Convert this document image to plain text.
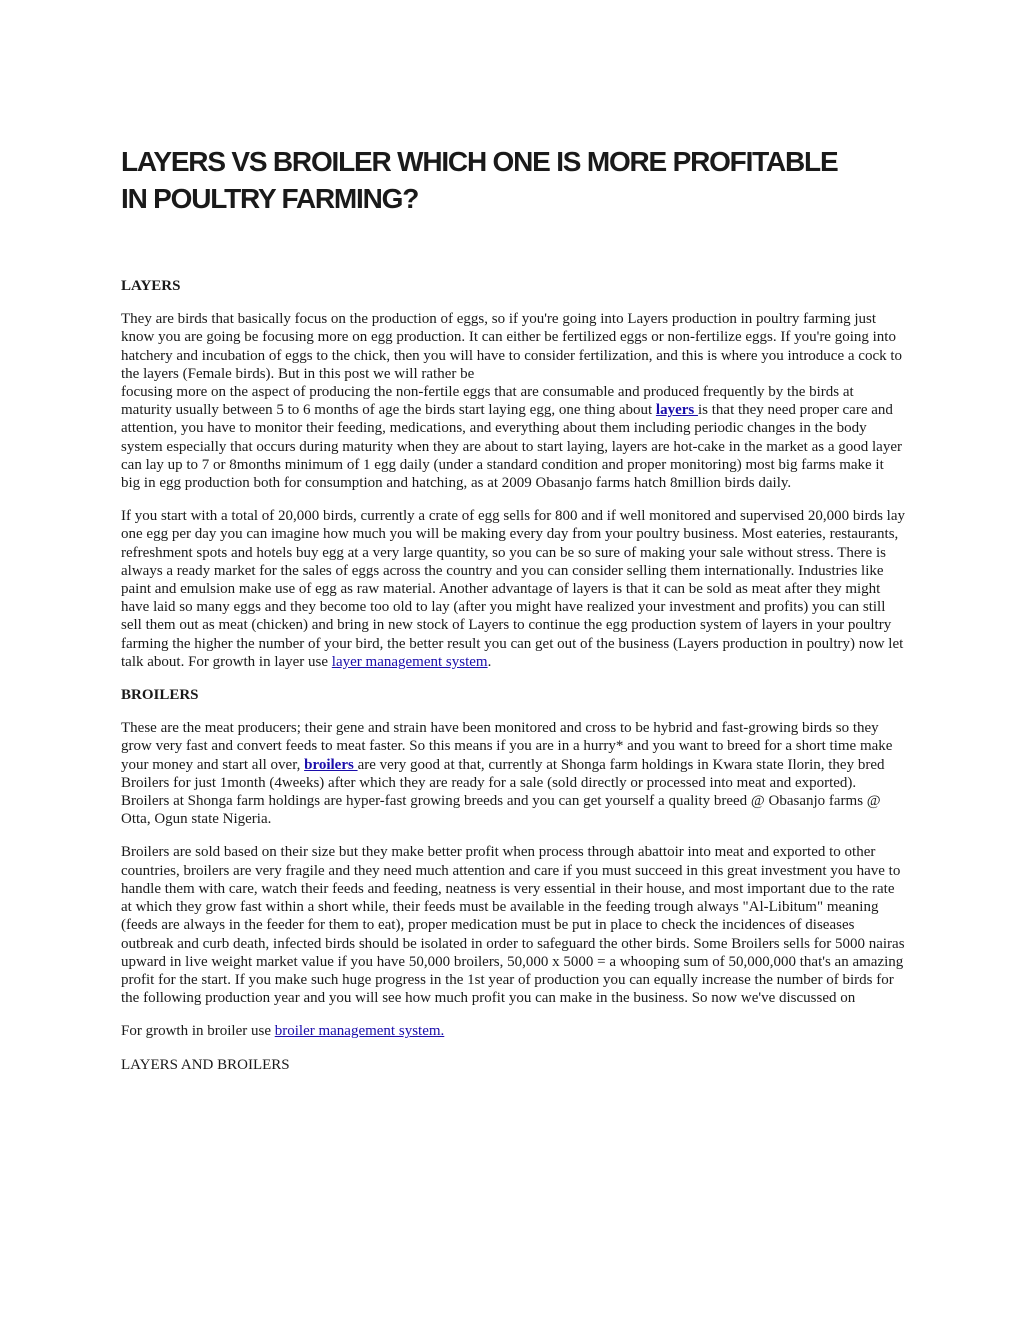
LAYERS VS BROILER WHICH ONE IS MORE PROFITABLE IN POULTRY FARMING?
LAYERS

They are birds that basically focus on the production of eggs, so if you're going into Layers production in poultry farming just know you are going be focusing more on egg production. It can either be fertilized eggs or non-fertilize eggs. If you're going into hatchery and incubation of eggs to the chick, then you will have to consider fertilization, and this is where you introduce a cock to the layers (Female birds). But in this post we will rather be
focusing more on the aspect of producing the non-fertile eggs that are consumable and produced frequently by the birds at maturity usually between 5 to 6 months of age the birds start laying egg, one thing about layers is that they need proper care and attention, you have to monitor their feeding, medications, and everything about them including periodic changes in the body system especially that occurs during maturity when they are about to start laying, layers are hot-cake in the market as a good layer can lay up to 7 or 8months minimum of 1 egg daily (under a standard condition and proper monitoring) most big farms make it big in egg production both for consumption and hatching, as at 2009 Obasanjo farms hatch 8million birds daily.

If you start with a total of 20,000 birds, currently a crate of egg sells for 800 and if well monitored and supervised 20,000 birds lay one egg per day you can imagine how much you will be making every day from your poultry business. Most eateries, restaurants, refreshment spots and hotels buy egg at a very large quantity, so you can be so sure of making your sale without stress. There is always a ready market for the sales of eggs across the country and you can consider selling them internationally. Industries like paint and emulsion make use of egg as raw material. Another advantage of layers is that it can be sold as meat after they might have laid so many eggs and they become too old to lay (after you might have realized your investment and profits) you can still sell them out as meat (chicken) and bring in new stock of Layers to continue the egg production system of layers in your poultry farming the higher the number of your bird, the better result you can get out of the business (Layers production in poultry) now let talk about. For growth in layer use layer management system.

BROILERS

These are the meat producers; their gene and strain have been monitored and cross to be hybrid and fast-growing birds so they grow very fast and convert feeds to meat faster. So this means if you are in a hurry* and you want to breed for a short time make your money and start all over, broilers are very good at that, currently at Shonga farm holdings in Kwara state Ilorin, they bred Broilers for just 1month (4weeks) after which they are ready for a sale (sold directly or processed into meat and exported). Broilers at Shonga farm holdings are hyper-fast growing breeds and you can get yourself a quality breed @ Obasanjo farms @ Otta, Ogun state Nigeria.

Broilers are sold based on their size but they make better profit when process through abattoir into meat and exported to other countries, broilers are very fragile and they need much attention and care if you must succeed in this great investment you have to handle them with care, watch their feeds and feeding, neatness is very essential in their house, and most important due to the rate at which they grow fast within a short while, their feeds must be available in the feeding trough always "Al-Libitum" meaning (feeds are always in the feeder for them to eat), proper medication must be put in place to check the incidences of diseases outbreak and curb death, infected birds should be isolated in order to safeguard the other birds. Some Broilers sells for 5000 nairas upward in live weight market value if you have 50,000 broilers, 50,000 x 5000 = a whooping sum of 50,000,000 that's an amazing profit for the start. If you make such huge progress in the 1st year of production you can equally increase the number of birds for the following production year and you will see how much profit you can make in the business. So now we've discussed on

For growth in broiler use broiler management system.

LAYERS AND BROILERS
